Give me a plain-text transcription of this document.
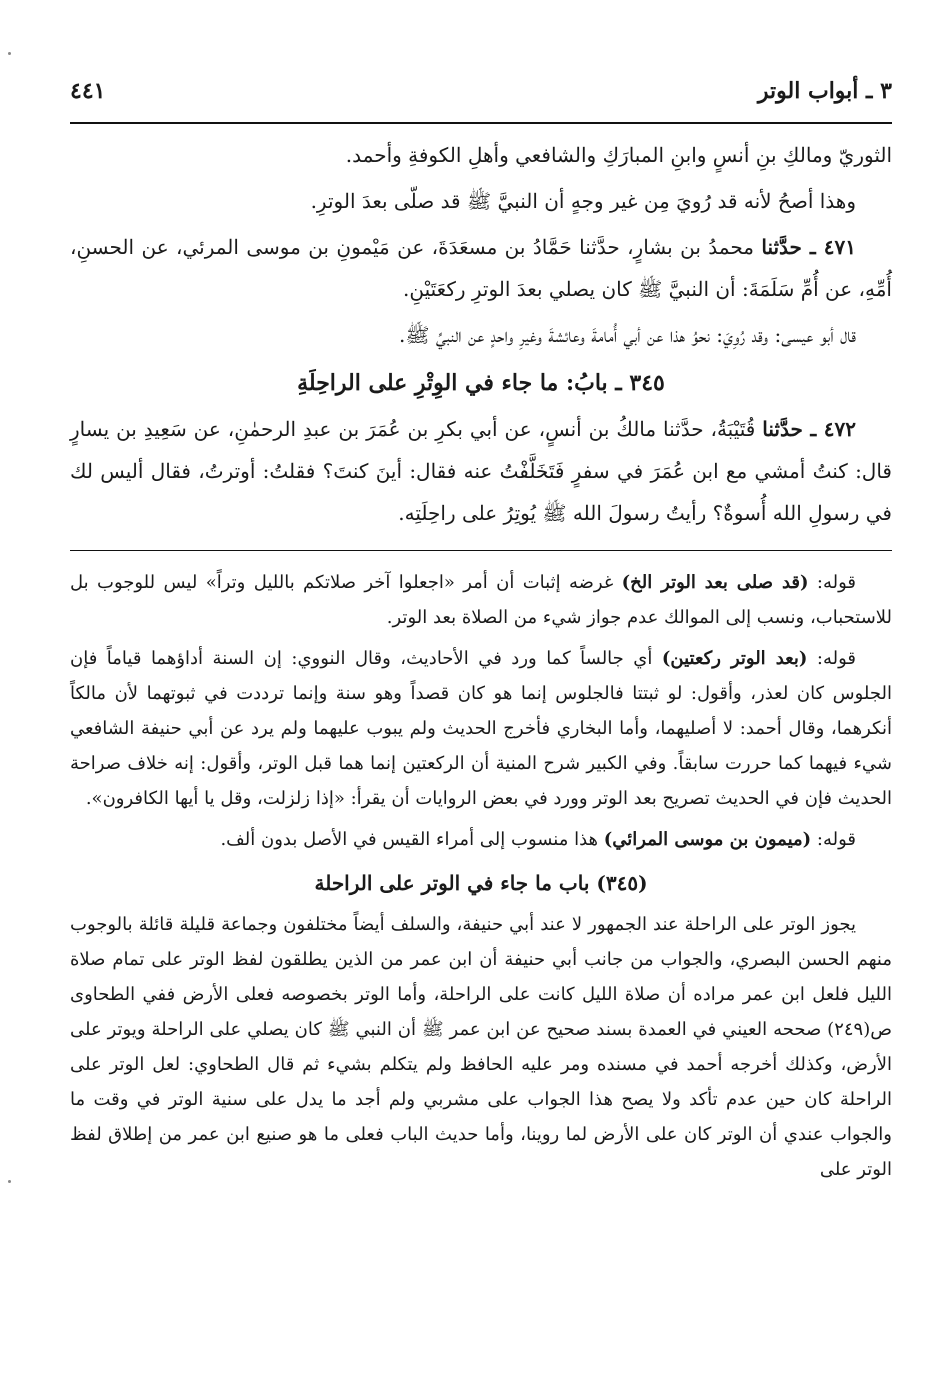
٣ ـ أبواب الوتر
٤٤١

الثوريّ ومالكِ بنِ أنسٍ وابنِ المبارَكِ والشافعي وأهلِ الكوفةِ وأحمد.

وهذا أصحُ لأنه قد رُويَ مِن غير وجهٍ أن النبيَّ ﷺ قد صلّى بعدَ الوترِ.

٤٧١ ـ حدَّثنا محمدُ بن بشارٍ، حدَّثنا حَمَّادُ بن مسعَدَةَ، عن مَيْمونِ بن موسى المرئي، عن الحسنِ، أُمِّهِ، عن أُمِّ سَلَمَةَ: أن النبيَّ ﷺ كان يصلي بعدَ الوترِ ركعَتَيْنِ.

قال أبو عيسى: وقد رُوِيَ: نحوُ هذا عن أبي أُمامةَ وعائشةَ وغيرِ واحدٍ عن النبيِّ ﷺ.

٣٤٥ ـ بابُ: ما جاء في الوِتْرِ على الراحِلَةِ

٤٧٢ ـ حدَّثنا قُتَيْبَةُ، حدَّثنا مالكُ بن أنسٍ، عن أبي بكرِ بن عُمَرَ بن عبدِ الرحمٰنِ، عن سَعِيدِ بن يسارٍ قال: كنتُ أمشي مع ابن عُمَرَ في سفرٍ فَتَخَلَّفْتُ عنه فقال: أينَ كنتَ؟ فقلتُ: أوترتُ، فقال أليس لك في رسولِ الله أُسوةٌ؟ رأيتُ رسولَ الله ﷺ يُوتِرُ على راحِلَتِه.

قوله: (قد صلى بعد الوتر الخ) غرضه إثبات أن أمر «اجعلوا آخر صلاتكم بالليل وتراً» ليس للوجوب بل للاستحباب، ونسب إلى الموالك عدم جواز شيء من الصلاة بعد الوتر.

قوله: (بعد الوتر ركعتين) أي جالساً كما ورد في الأحاديث، وقال النووي: إن السنة أداؤهما قياماً فإن الجلوس كان لعذر، وأقول: لو ثبتتا فالجلوس إنما هو كان قصداً وهو سنة وإنما ترددت في ثبوتهما لأن مالكاً أنكرهما، وقال أحمد: لا أصليهما، وأما البخاري فأخرج الحديث ولم يبوب عليهما ولم يرد عن أبي حنيفة الشافعي شيء فيهما كما حررت سابقاً. وفي الكبير شرح المنية أن الركعتين إنما هما قبل الوتر، وأقول: إنه خلاف صراحة الحديث فإن في الحديث تصريح بعد الوتر وورد في بعض الروايات أن يقرأ: «إذا زلزلت، وقل يا أيها الكافرون».

قوله: (ميمون بن موسى المرائي) هذا منسوب إلى أمراء القيس في الأصل بدون ألف.

(٣٤٥) باب ما جاء في الوتر على الراحلة

يجوز الوتر على الراحلة عند الجمهور لا عند أبي حنيفة، والسلف أيضاً مختلفون وجماعة قليلة قائلة بالوجوب منهم الحسن البصري، والجواب من جانب أبي حنيفة أن ابن عمر من الذين يطلقون لفظ الوتر على تمام صلاة الليل فلعل ابن عمر مراده أن صلاة الليل كانت على الراحلة، وأما الوتر بخصوصه فعلى الأرض ففي الطحاوى ص(٢٤٩) صححه العيني في العمدة بسند صحيح عن ابن عمر ﷺ أن النبي ﷺ كان يصلي على الراحلة ويوتر على الأرض، وكذلك أخرجه أحمد في مسنده ومر عليه الحافظ ولم يتكلم بشيء ثم قال الطحاوي: لعل الوتر على الراحلة كان حين عدم تأكد ولا يصح هذا الجواب على مشربي ولم أجد ما يدل على سنية الوتر في وقت ما والجواب عندي أن الوتر كان على الأرض لما روينا، وأما حديث الباب فعلى ما هو صنيع ابن عمر من إطلاق لفظ الوتر على
